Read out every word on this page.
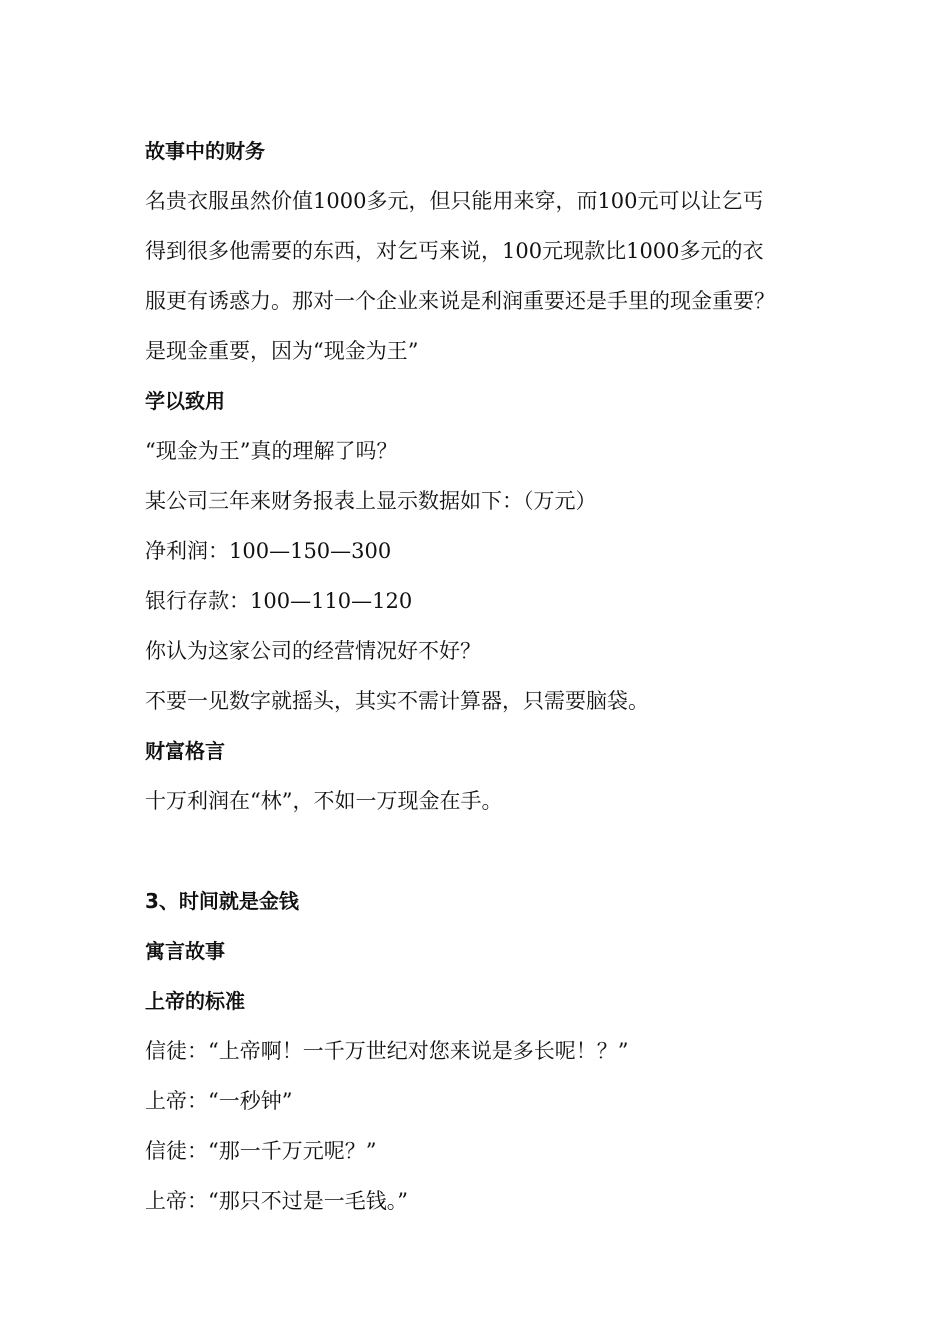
故事中的财务
名贵衣服虽然价值1000多元，但只能用来穿，而100元可以让乞丐
得到很多他需要的东西，对乞丐来说，100元现款比1000多元的衣
服更有诱惑力。那对一个企业来说是利润重要还是手里的现金重要？
是现金重要，因为“现金为王”
学以致用
“现金为王”真的理解了吗？
某公司三年来财务报表上显示数据如下：（万元）
净利润：100—150—300
银行存款：100—110—120
你认为这家公司的经营情况好不好？
不要一见数字就摇头，其实不需计算器，只需要脑袋。
财富格言
十万利润在“林”，不如一万现金在手。
3、时间就是金钱
寓言故事
上帝的标准
信徒：“上帝啊！一千万世纪对您来说是多长呢！？”
上帝：“一秒钟”
信徒：“那一千万元呢？”
上帝：“那只不过是一毛钱。”
